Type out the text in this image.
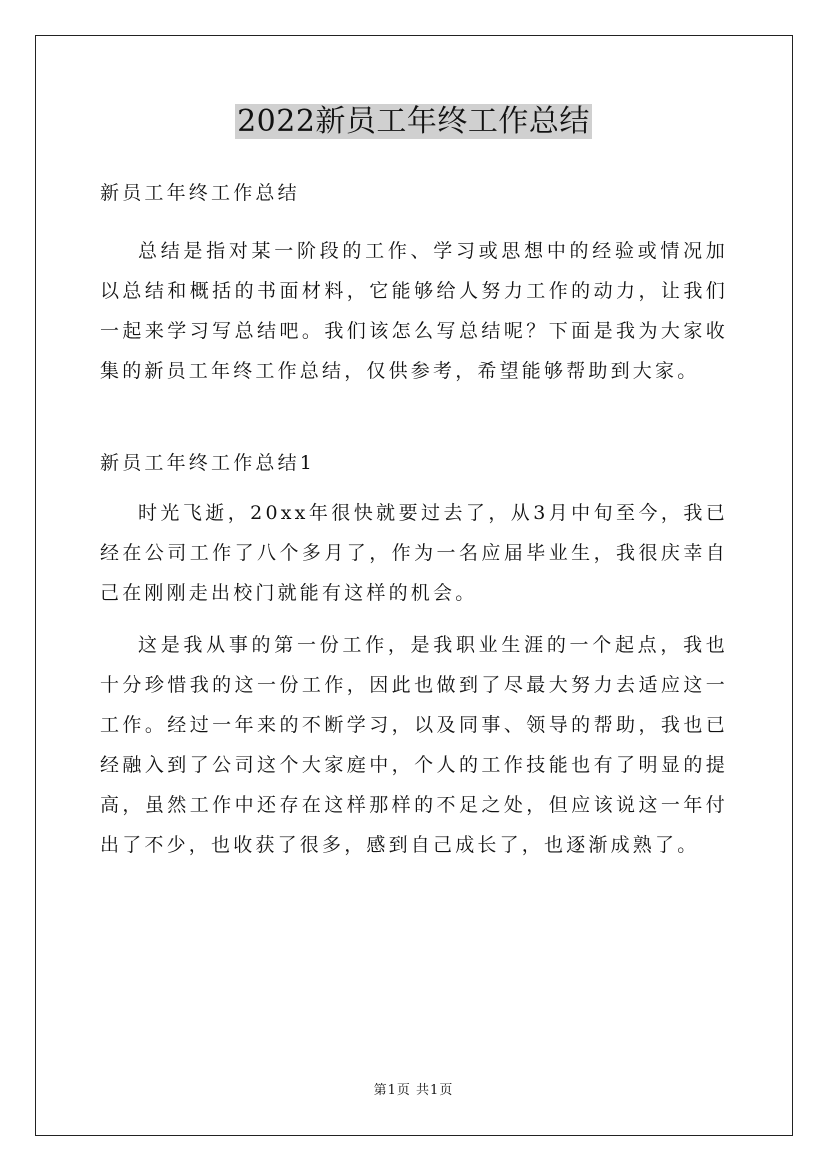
2022新员工年终工作总结

新员工年终工作总结

总结是指对某一阶段的工作、学习或思想中的经验或情况加以总结和概括的书面材料，它能够给人努力工作的动力，让我们一起来学习写总结吧。我们该怎么写总结呢？下面是我为大家收集的新员工年终工作总结，仅供参考，希望能够帮助到大家。

新员工年终工作总结1

时光飞逝，20xx年很快就要过去了，从3月中旬至今，我已经在公司工作了八个多月了，作为一名应届毕业生，我很庆幸自己在刚刚走出校门就能有这样的机会。

这是我从事的第一份工作，是我职业生涯的一个起点，我也十分珍惜我的这一份工作，因此也做到了尽最大努力去适应这一工作。经过一年来的不断学习，以及同事、领导的帮助，我也已经融入到了公司这个大家庭中，个人的工作技能也有了明显的提高，虽然工作中还存在这样那样的不足之处，但应该说这一年付出了不少，也收获了很多，感到自己成长了，也逐渐成熟了。

第1页 共1页
